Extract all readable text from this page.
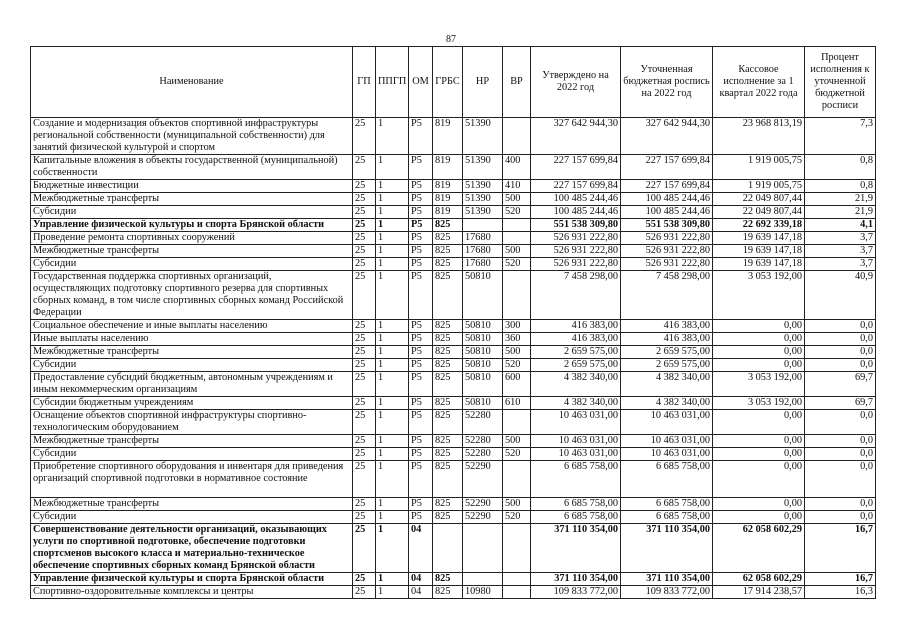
87
Наименование	ГП	ППГП	ОМ	ГРБС	НР	ВР	Утверждено на 2022 год	Уточненная бюджетная роспись на 2022 год	Кассовое исполнение за 1 квартал 2022 года	Процент исполнения к уточненной бюджетной росписи
Создание и модернизация объектов спортивной инфраструктуры региональной собственности (муниципальной собственности) для занятий физической культурой и спортом	25	1	P5	819	51390		327 642 944,30	327 642 944,30	23 968 813,19	7,3
Капитальные вложения в объекты государственной (муниципальной) собственности	25	1	P5	819	51390	400	227 157 699,84	227 157 699,84	1 919 005,75	0,8
Бюджетные инвестиции	25	1	P5	819	51390	410	227 157 699,84	227 157 699,84	1 919 005,75	0,8
Межбюджетные трансферты	25	1	P5	819	51390	500	100 485 244,46	100 485 244,46	22 049 807,44	21,9
Субсидии	25	1	P5	819	51390	520	100 485 244,46	100 485 244,46	22 049 807,44	21,9
Управление физической культуры и спорта Брянской области	25	1	P5	825			551 538 309,80	551 538 309,80	22 692 339,18	4,1
Проведение ремонта спортивных сооружений	25	1	P5	825	17680		526 931 222,80	526 931 222,80	19 639 147,18	3,7
Межбюджетные трансферты	25	1	P5	825	17680	500	526 931 222,80	526 931 222,80	19 639 147,18	3,7
Субсидии	25	1	P5	825	17680	520	526 931 222,80	526 931 222,80	19 639 147,18	3,7
Государственная поддержка спортивных организаций, осуществляющих подготовку спортивного резерва для спортивных сборных команд, в том числе спортивных сборных команд Российской Федерации	25	1	P5	825	50810		7 458 298,00	7 458 298,00	3 053 192,00	40,9
Социальное обеспечение и иные выплаты населению	25	1	P5	825	50810	300	416 383,00	416 383,00	0,00	0,0
Иные выплаты населению	25	1	P5	825	50810	360	416 383,00	416 383,00	0,00	0,0
Межбюджетные трансферты	25	1	P5	825	50810	500	2 659 575,00	2 659 575,00	0,00	0,0
Субсидии	25	1	P5	825	50810	520	2 659 575,00	2 659 575,00	0,00	0,0
Предоставление субсидий бюджетным, автономным учреждениям и иным некоммерческим организациям	25	1	P5	825	50810	600	4 382 340,00	4 382 340,00	3 053 192,00	69,7
Субсидии бюджетным учреждениям	25	1	P5	825	50810	610	4 382 340,00	4 382 340,00	3 053 192,00	69,7
Оснащение объектов спортивной инфраструктуры спортивно-технологическим оборудованием	25	1	P5	825	52280		10 463 031,00	10 463 031,00	0,00	0,0
Межбюджетные трансферты	25	1	P5	825	52280	500	10 463 031,00	10 463 031,00	0,00	0,0
Субсидии	25	1	P5	825	52280	520	10 463 031,00	10 463 031,00	0,00	0,0
Приобретение спортивного оборудования и инвентаря для приведения организаций спортивной подготовки в нормативное состояние	25	1	P5	825	52290		6 685 758,00	6 685 758,00	0,00	0,0
Межбюджетные трансферты	25	1	P5	825	52290	500	6 685 758,00	6 685 758,00	0,00	0,0
Субсидии	25	1	P5	825	52290	520	6 685 758,00	6 685 758,00	0,00	0,0
Совершенствование деятельности организаций, оказывающих услуги по спортивной подготовке, обеспечение подготовки спортсменов высокого класса и материально-техническое обеспечение спортивных сборных команд Брянской области	25	1	04				371 110 354,00	371 110 354,00	62 058 602,29	16,7
Управление физической культуры и спорта Брянской области	25	1	04	825			371 110 354,00	371 110 354,00	62 058 602,29	16,7
Спортивно-оздоровительные комплексы и центры	25	1	04	825	10980		109 833 772,00	109 833 772,00	17 914 238,57	16,3
